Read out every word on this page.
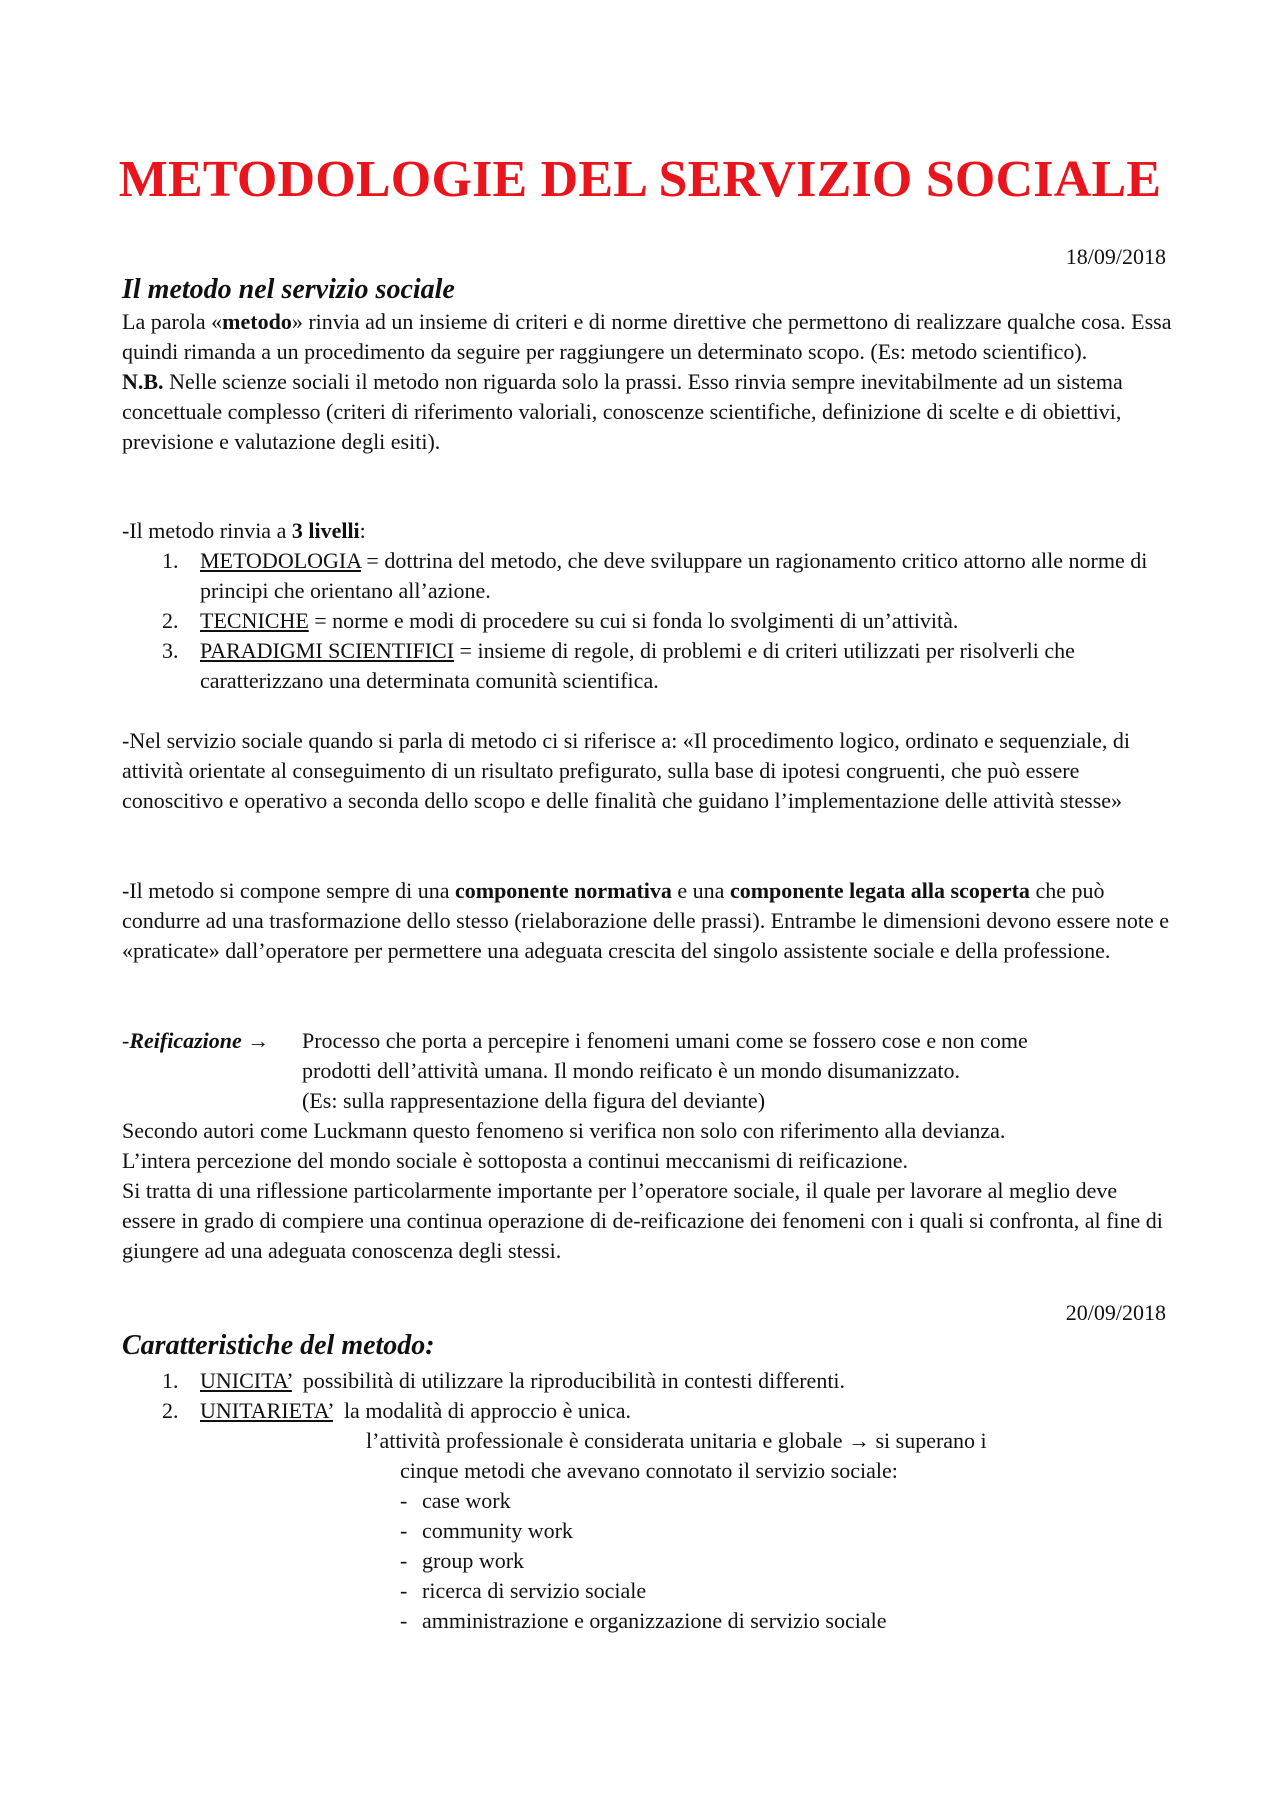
METODOLOGIE DEL SERVIZIO SOCIALE

18/09/2018

Il metodo nel servizio sociale

La parola «metodo» rinvia ad un insieme di criteri e di norme direttive che permettono di realizzare qualche cosa. Essa quindi rimanda a un procedimento da seguire per raggiungere un determinato scopo. (Es: metodo scientifico).

N.B. Nelle scienze sociali il metodo non riguarda solo la prassi. Esso rinvia sempre inevitabilmente ad un sistema concettuale complesso (criteri di riferimento valoriali, conoscenze scientifiche, definizione di scelte e di obiettivi, previsione e valutazione degli esiti).

-Il metodo rinvia a 3 livelli:

1. METODOLOGIA = dottrina del metodo, che deve sviluppare un ragionamento critico attorno alle norme di principi che orientano all’azione.
2. TECNICHE = norme e modi di procedere su cui si fonda lo svolgimenti di un’attività.
3. PARADIGMI SCIENTIFICI = insieme di regole, di problemi e di criteri utilizzati per risolverli che caratterizzano una determinata comunità scientifica.

-Nel servizio sociale quando si parla di metodo ci si riferisce a: «Il procedimento logico, ordinato e sequenziale, di attività orientate al conseguimento di un risultato prefigurato, sulla base di ipotesi congruenti, che può essere conoscitivo e operativo a seconda dello scopo e delle finalità che guidano l’implementazione delle attività stesse»

-Il metodo si compone sempre di una componente normativa e una componente legata alla scoperta che può condurre ad una trasformazione dello stesso (rielaborazione delle prassi). Entrambe le dimensioni devono essere note e «praticate» dall’operatore per permettere una adeguata crescita del singolo assistente sociale e della professione.

-Reificazione → Processo che porta a percepire i fenomeni umani come se fossero cose e non come

prodotti dell’attività umana. Il mondo reificato è un mondo disumanizzato.

(Es: sulla rappresentazione della figura del deviante)

Secondo autori come Luckmann questo fenomeno si verifica non solo con riferimento alla devianza.

L’intera percezione del mondo sociale è sottoposta a continui meccanismi di reificazione.

Si tratta di una riflessione particolarmente importante per l’operatore sociale, il quale per lavorare al meglio deve essere in grado di compiere una continua operazione di de-reificazione dei fenomeni con i quali si confronta, al fine di giungere ad una adeguata conoscenza degli stessi.

20/09/2018

Caratteristiche del metodo:
1. UNICITA’  possibilità di utilizzare la riproducibilità in contesti differenti.
2. UNITARIETA’  la modalità di approccio è unica.

l’attività professionale è considerata unitaria e globale → si superano i

cinque metodi che avevano connotato il servizio sociale:

- case work
- community work
- group work
- ricerca di servizio sociale
- amministrazione e organizzazione di servizio sociale
